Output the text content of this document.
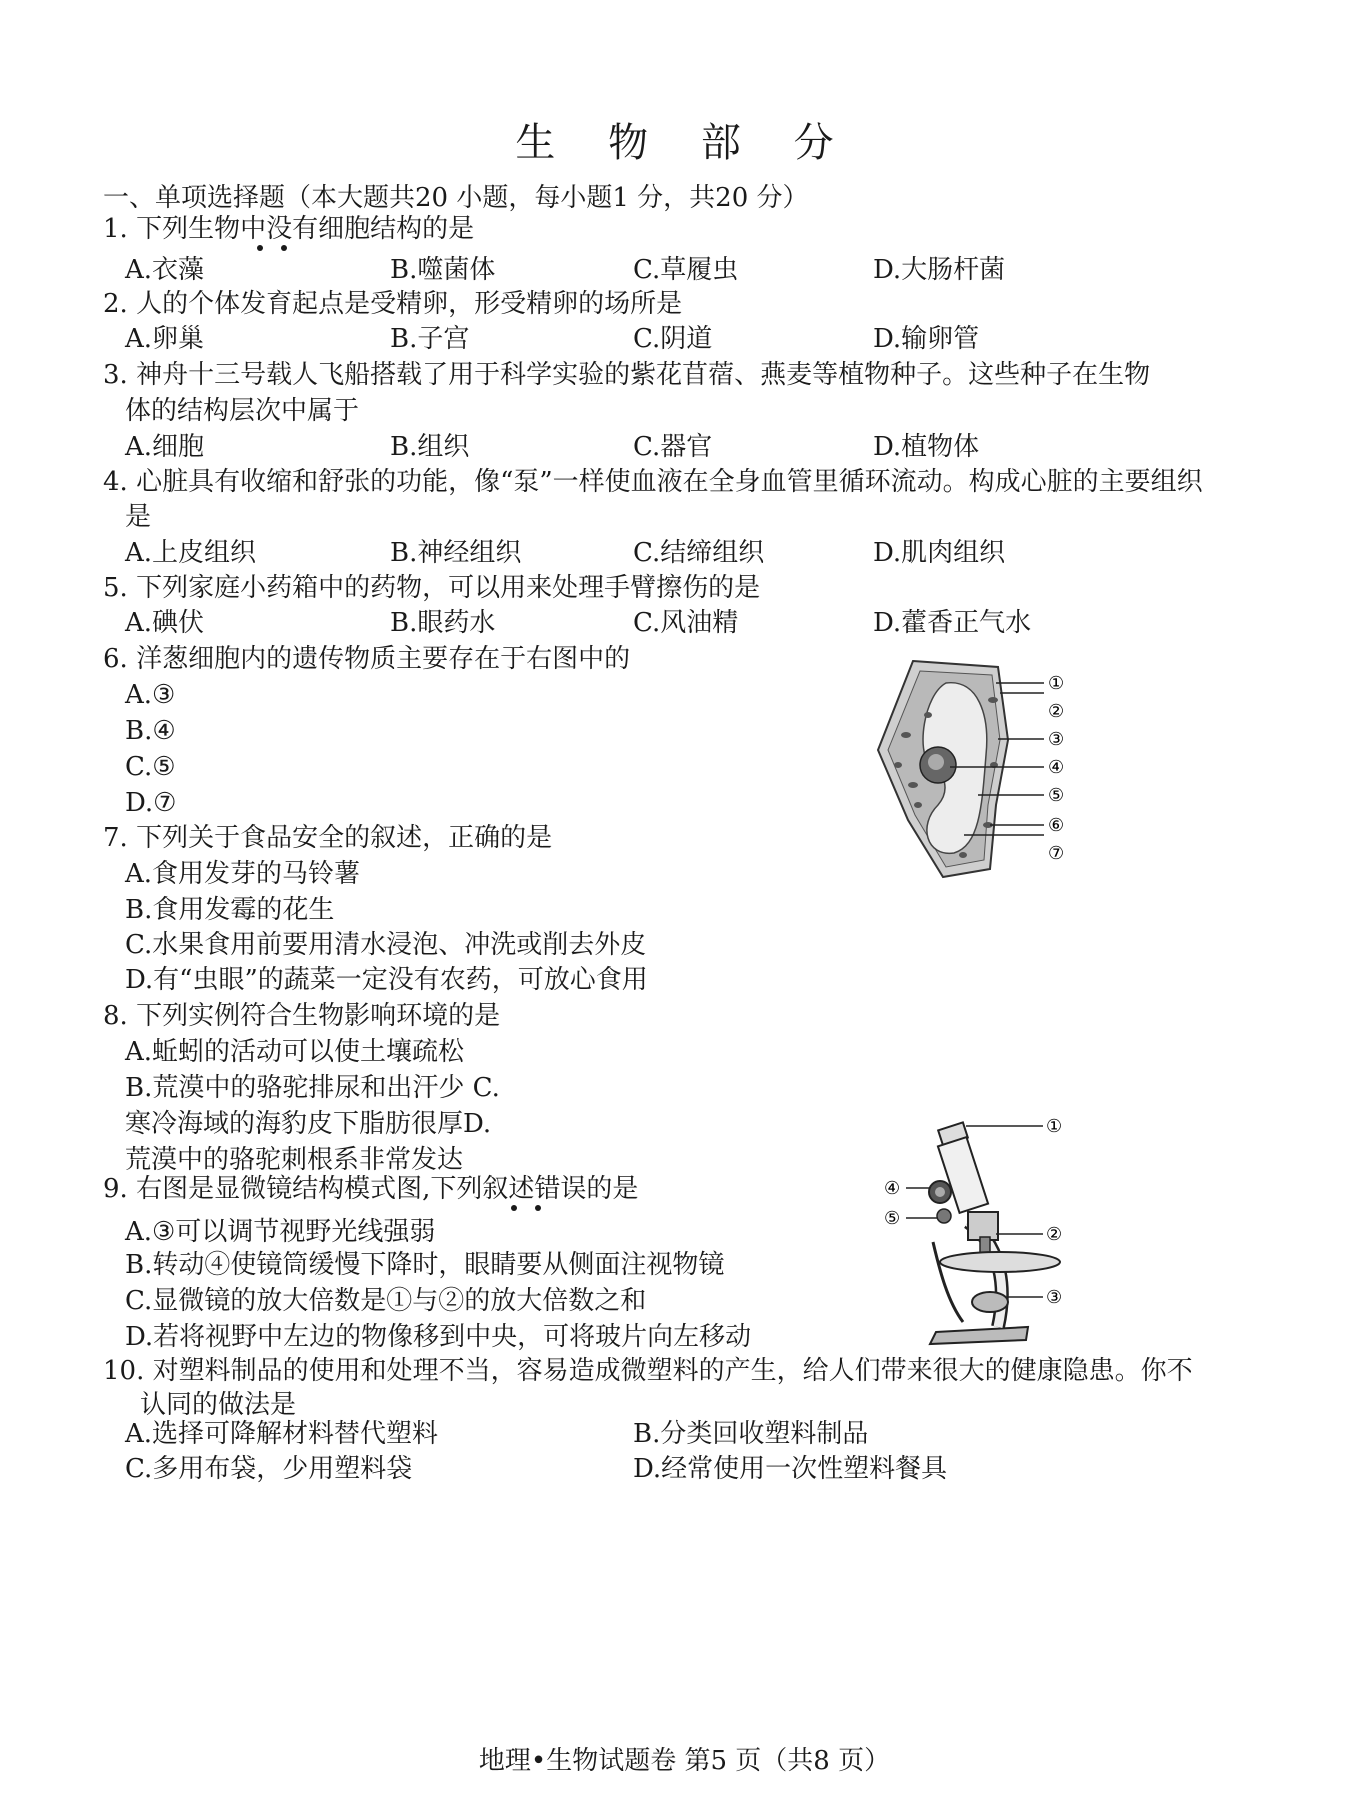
生 物 部 分
一、单项选择题（本大题共20 小题，每小题1 分，共20 分）
1. 下列生物中没有细胞结构的是
A.衣藻	B.噬菌体	C.草履虫	D.大肠杆菌
2. 人的个体发育起点是受精卵，形受精卵的场所是
A.卵巢	B.子宫	C.阴道	D.输卵管
3. 神舟十三号载人飞船搭载了用于科学实验的紫花苜蓿、燕麦等植物种子。这些种子在生物
体的结构层次中属于
A.细胞	B.组织	C.器官	D.植物体
4. 心脏具有收缩和舒张的功能，像“泵”一样使血液在全身血管里循环流动。构成心脏的主要组织
是
A.上皮组织	B.神经组织	C.结缔组织	D.肌肉组织
5. 下列家庭小药箱中的药物，可以用来处理手臂擦伤的是
A.碘伏	B.眼药水	C.风油精	D.藿香正气水
6. 洋葱细胞内的遗传物质主要存在于右图中的
A.③
B.④
C.⑤
D.⑦
①
②
③
④
⑤
⑥
⑦
7. 下列关于食品安全的叙述，正确的是
A.食用发芽的马铃薯
B.食用发霉的花生
C.水果食用前要用清水浸泡、冲洗或削去外皮
D.有“虫眼”的蔬菜一定没有农药，可放心食用
8. 下列实例符合生物影响环境的是
A.蚯蚓的活动可以使土壤疏松
B.荒漠中的骆驼排尿和出汗少 C.
寒冷海域的海豹皮下脂肪很厚D.
荒漠中的骆驼刺根系非常发达
9. 右图是显微镜结构模式图,下列叙述错误的是
A.③可以调节视野光线强弱
B.转动④使镜筒缓慢下降时，眼睛要从侧面注视物镜
C.显微镜的放大倍数是①与②的放大倍数之和
D.若将视野中左边的物像移到中央，可将玻片向左移动
①
④
⑤
②
③
10. 对塑料制品的使用和处理不当，容易造成微塑料的产生，给人们带来很大的健康隐患。你不
认同的做法是
A.选择可降解材料替代塑料	B.分类回收塑料制品
C.多用布袋，少用塑料袋	D.经常使用一次性塑料餐具
地理•生物试题卷 第5 页（共8 页）
